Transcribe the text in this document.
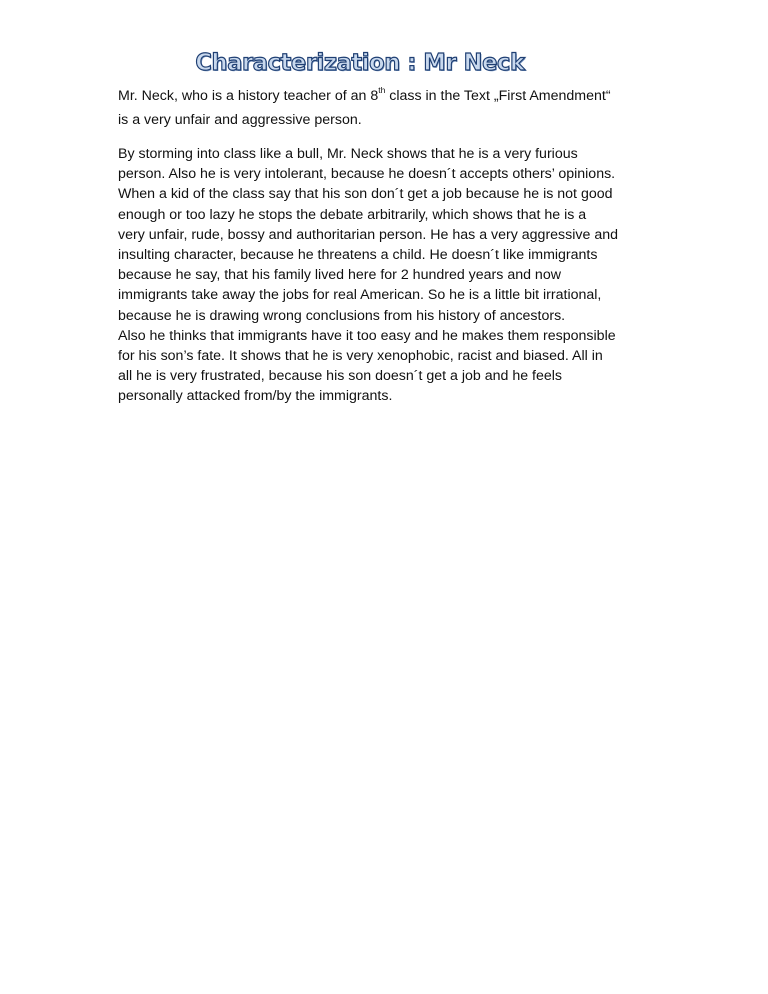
Characterization : Mr Neck

Mr. Neck, who is a history teacher of an 8th class in the Text „First Amendment“
is a very unfair and aggressive person.

By storming into class like a bull, Mr. Neck shows that he is a very furious
person. Also he is very intolerant, because he doesn´t accepts others’ opinions.
When a kid of the class say that his son don´t get a job because he is not good
enough or too lazy he stops the debate arbitrarily, which shows that he is a
very unfair, rude, bossy and authoritarian person. He has a very aggressive and
insulting character, because he threatens a child. He doesn´t like immigrants
because he say, that his family lived here for 2 hundred years and now
immigrants take away the jobs for real American. So he is a little bit irrational,
because he is drawing wrong conclusions from his history of ancestors.
Also he thinks that immigrants have it too easy and he makes them responsible
for his son’s fate. It shows that he is very xenophobic, racist and biased. All in
all he is very frustrated, because his son doesn´t get a job and he feels
personally attacked from/by the immigrants.
